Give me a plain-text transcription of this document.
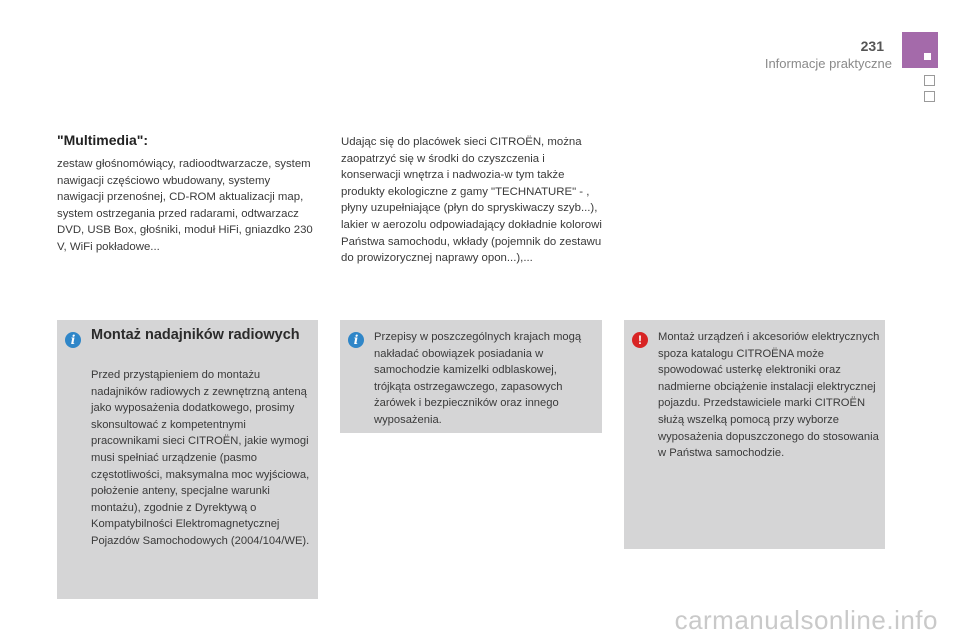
231
Informacje praktyczne
"Multimedia":

zestaw głośnomówiący, radioodtwarzacze, system nawigacji częściowo wbudowany, systemy nawigacji przenośnej, CD-ROM aktualizacji map, system ostrzegania przed radarami, odtwarzacz DVD, USB Box, głośniki, moduł HiFi, gniazdko 230 V, WiFi pokładowe...

Udając się do placówek sieci CITROËN, można zaopatrzyć się w środki do czyszczenia i konserwacji wnętrza i nadwozia-w tym także produkty ekologiczne z gamy "TECHNATURE" - , płyny uzupełniające (płyn do spryskiwaczy szyb...), lakier w aerozolu odpowiadający dokładnie kolorowi Państwa samochodu, wkłady (pojemnik do zestawu do prowizorycznej naprawy opon...),...

i	Montaż nadajników radiowych

Przed przystąpieniem do montażu nadajników radiowych z zewnętrzną anteną jako wyposażenia dodatkowego, prosimy skonsultować z kompetentnymi pracownikami sieci CITROËN, jakie wymogi musi spełniać urządzenie (pasmo częstotliwości, maksymalna moc wyjściowa, położenie anteny, specjalne warunki montażu), zgodnie z Dyrektywą o Kompatybilności Elektromagnetycznej Pojazdów Samochodowych (2004/104/WE).

i	Przepisy w poszczególnych krajach mogą nakładać obowiązek posiadania w samochodzie kamizelki odblaskowej, trójkąta ostrzegawczego, zapasowych żarówek i bezpieczników oraz innego wyposażenia.

!	Montaż urządzeń i akcesoriów elektrycznych spoza katalogu CITROËNA może spowodować usterkę elektroniki oraz nadmierne obciążenie instalacji elektrycznej pojazdu. Przedstawiciele marki CITROËN służą wszelką pomocą przy wyborze wyposażenia dopuszczonego do stosowania w Państwa samochodzie.

carmanualsonline.info
